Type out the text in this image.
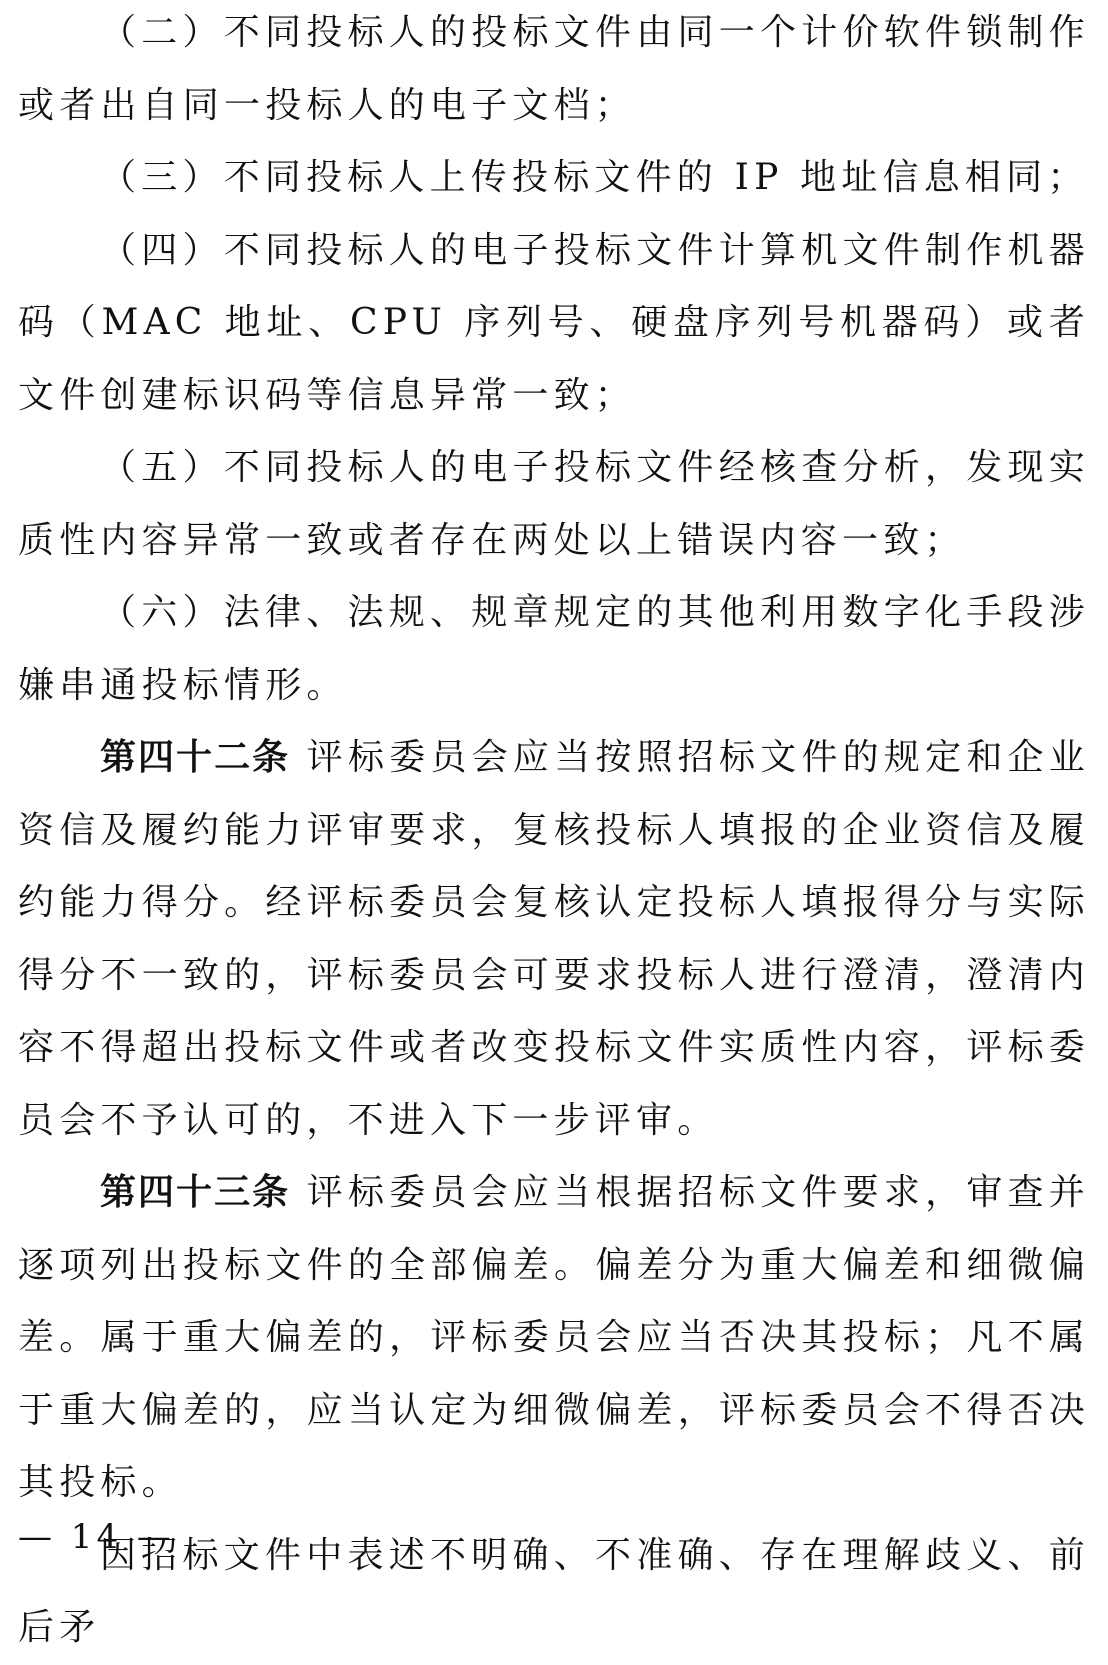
（二）不同投标人的投标文件由同一个计价软件锁制作或者出自同一投标人的电子文档；

（三）不同投标人上传投标文件的 IP 地址信息相同；

（四）不同投标人的电子投标文件计算机文件制作机器码（MAC 地址、CPU 序列号、硬盘序列号机器码）或者文件创建标识码等信息异常一致；

（五）不同投标人的电子投标文件经核查分析，发现实质性内容异常一致或者存在两处以上错误内容一致；

（六）法律、法规、规章规定的其他利用数字化手段涉嫌串通投标情形。

第四十二条 评标委员会应当按照招标文件的规定和企业资信及履约能力评审要求，复核投标人填报的企业资信及履约能力得分。经评标委员会复核认定投标人填报得分与实际得分不一致的，评标委员会可要求投标人进行澄清，澄清内容不得超出投标文件或者改变投标文件实质性内容，评标委员会不予认可的，不进入下一步评审。

第四十三条 评标委员会应当根据招标文件要求，审查并逐项列出投标文件的全部偏差。偏差分为重大偏差和细微偏差。属于重大偏差的，评标委员会应当否决其投标；凡不属于重大偏差的，应当认定为细微偏差，评标委员会不得否决其投标。

因招标文件中表述不明确、不准确、存在理解歧义、前后矛

— 14 —
